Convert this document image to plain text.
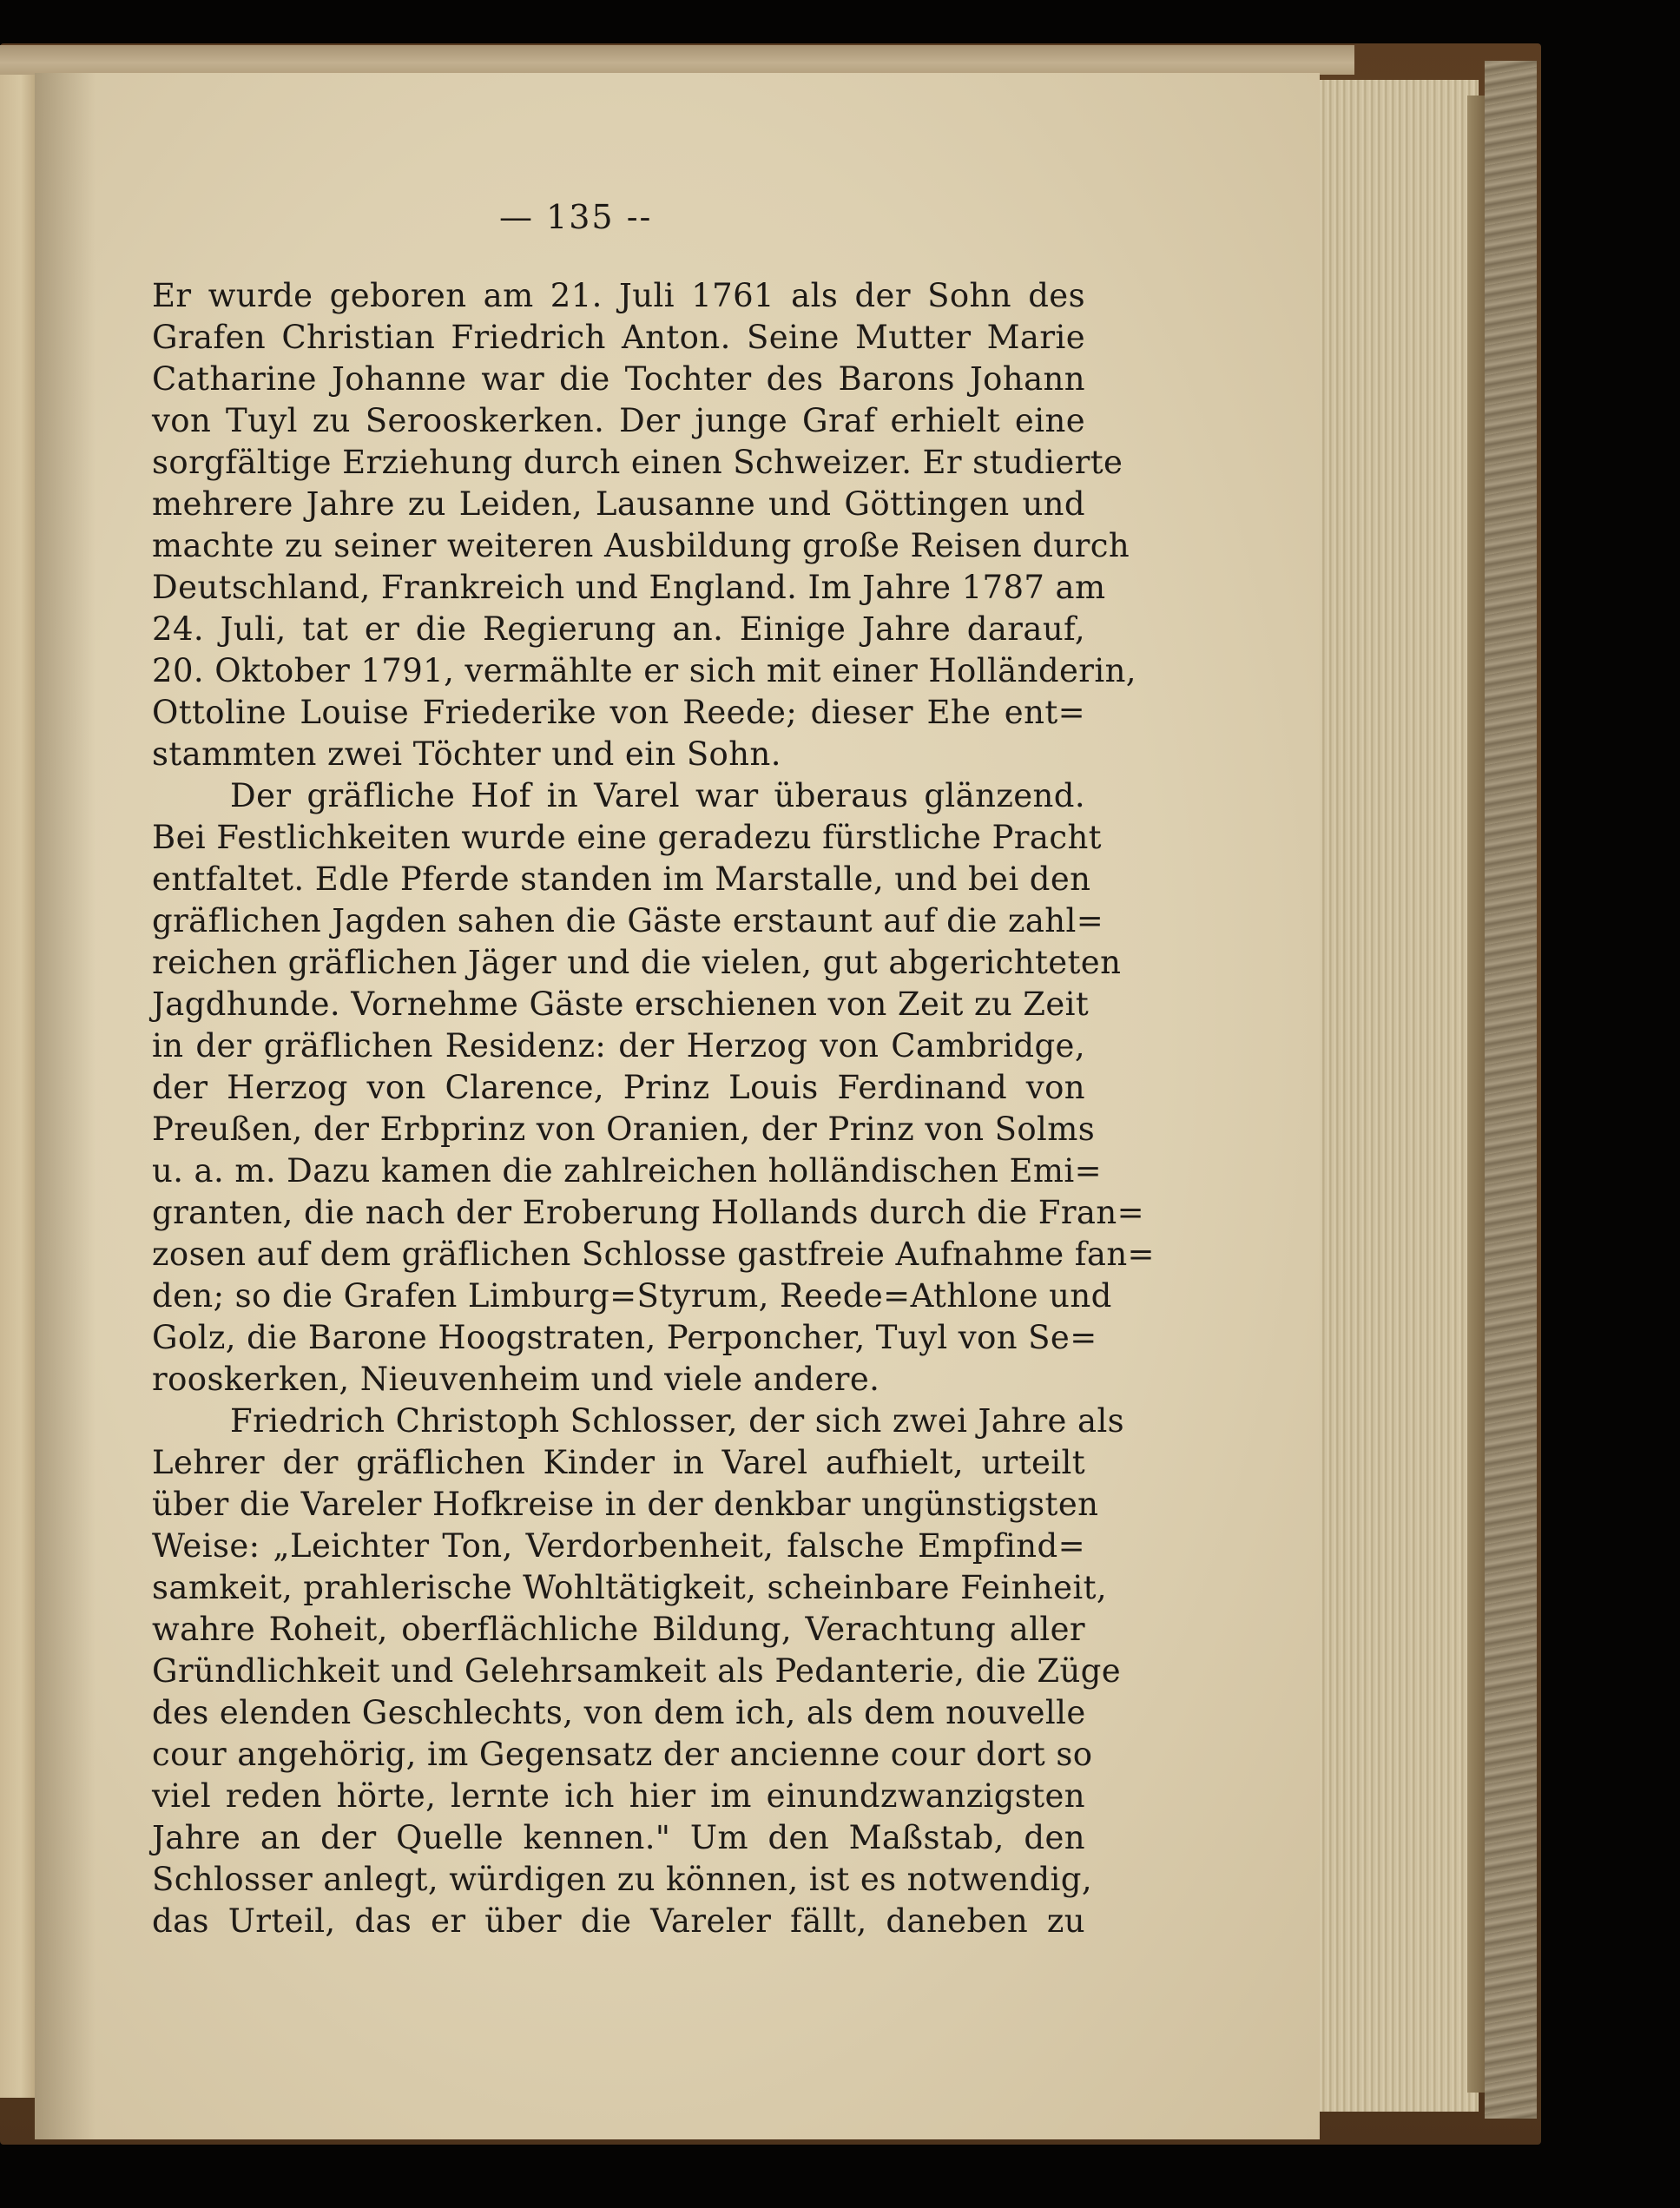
— 135 --
Er wurde geboren am 21. Juli 1761 als der Sohn des
Grafen Christian Friedrich Anton. Seine Mutter Marie
Catharine Johanne war die Tochter des Barons Johann
von Tuyl zu Serooskerken. Der junge Graf erhielt eine
sorgfältige Erziehung durch einen Schweizer. Er studierte
mehrere Jahre zu Leiden, Lausanne und Göttingen und
machte zu seiner weiteren Ausbildung große Reisen durch
Deutschland, Frankreich und England. Im Jahre 1787 am
24. Juli, tat er die Regierung an. Einige Jahre darauf,
20. Oktober 1791, vermählte er sich mit einer Holländerin,
Ottoline Louise Friederike von Reede; dieser Ehe ent=
stammten zwei Töchter und ein Sohn.
Der gräfliche Hof in Varel war überaus glänzend.
Bei Festlichkeiten wurde eine geradezu fürstliche Pracht
entfaltet. Edle Pferde standen im Marstalle, und bei den
gräflichen Jagden sahen die Gäste erstaunt auf die zahl=
reichen gräflichen Jäger und die vielen, gut abgerichteten
Jagdhunde. Vornehme Gäste erschienen von Zeit zu Zeit
in der gräflichen Residenz: der Herzog von Cambridge,
der Herzog von Clarence, Prinz Louis Ferdinand von
Preußen, der Erbprinz von Oranien, der Prinz von Solms
u. a. m. Dazu kamen die zahlreichen holländischen Emi=
granten, die nach der Eroberung Hollands durch die Fran=
zosen auf dem gräflichen Schlosse gastfreie Aufnahme fan=
den; so die Grafen Limburg=Styrum, Reede=Athlone und
Golz, die Barone Hoogstraten, Perponcher, Tuyl von Se=
rooskerken, Nieuvenheim und viele andere.
Friedrich Christoph Schlosser, der sich zwei Jahre als
Lehrer der gräflichen Kinder in Varel aufhielt, urteilt
über die Vareler Hofkreise in der denkbar ungünstigsten
Weise: „Leichter Ton, Verdorbenheit, falsche Empfind=
samkeit, prahlerische Wohltätigkeit, scheinbare Feinheit,
wahre Roheit, oberflächliche Bildung, Verachtung aller
Gründlichkeit und Gelehrsamkeit als Pedanterie, die Züge
des elenden Geschlechts, von dem ich, als dem nouvelle
cour angehörig, im Gegensatz der ancienne cour dort so
viel reden hörte, lernte ich hier im einundzwanzigsten
Jahre an der Quelle kennen." Um den Maßstab, den
Schlosser anlegt, würdigen zu können, ist es notwendig,
das Urteil, das er über die Vareler fällt, daneben zu
